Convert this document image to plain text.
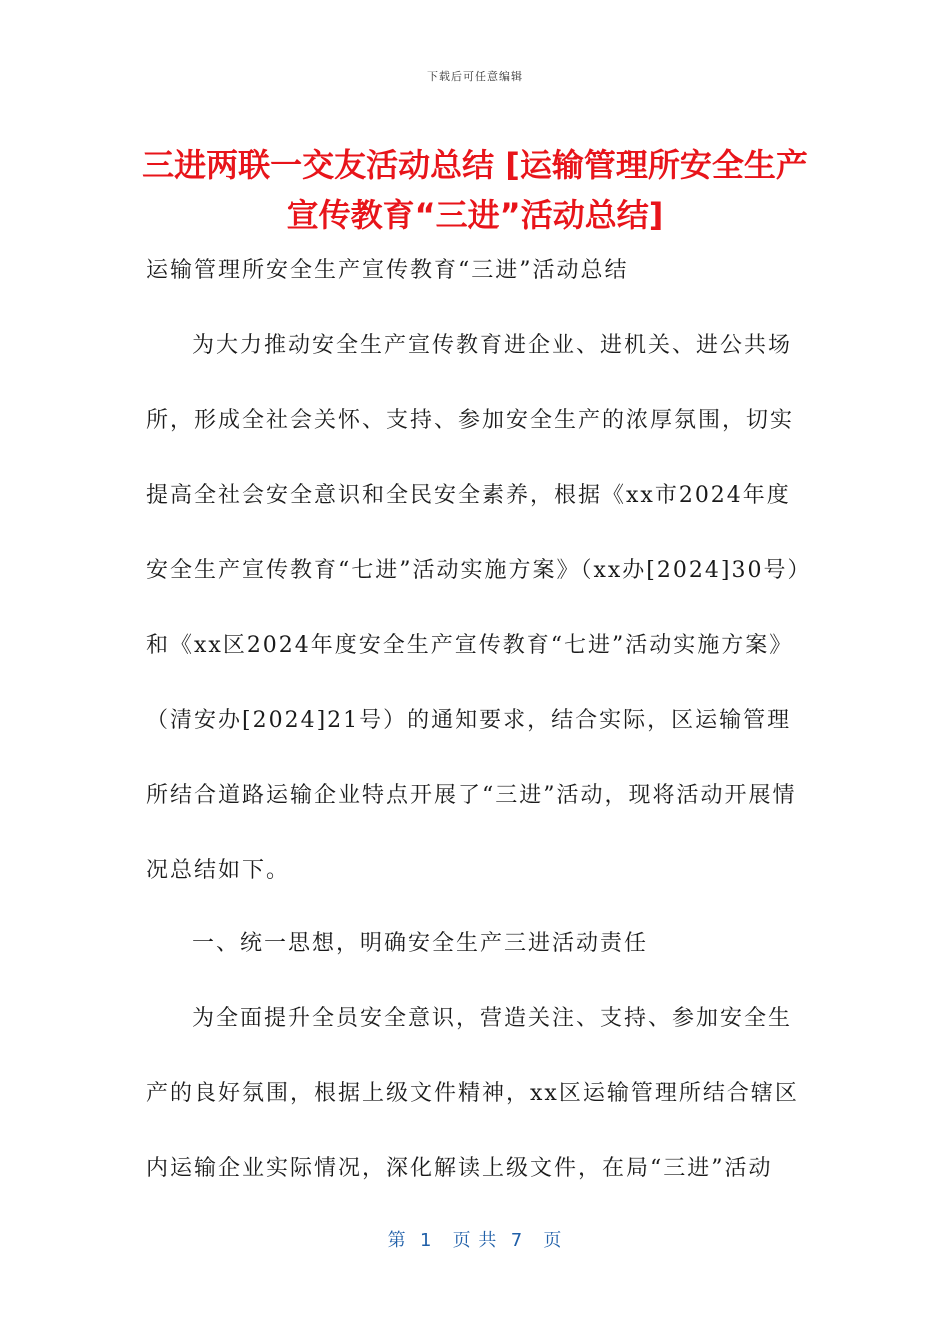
下载后可任意编辑
三进两联一交友活动总结 [运输管理所安全生产宣传教育“三进”活动总结]

运输管理所安全生产宣传教育“三进”活动总结

为大力推动安全生产宣传教育进企业、进机关、进公共场所，形成全社会关怀、支持、参加安全生产的浓厚氛围，切实提高全社会安全意识和全民安全素养，根据《xx市2024年度安全生产宣传教育“七进”活动实施方案》（xx办[2024]30号）和《xx区2024年度安全生产宣传教育“七进”活动实施方案》（清安办[2024]21号）的通知要求，结合实际，区运输管理所结合道路运输企业特点开展了“三进”活动，现将活动开展情况总结如下。

一、统一思想，明确安全生产三进活动责任

为全面提升全员安全意识，营造关注、支持、参加安全生产的良好氛围，根据上级文件精神，xx区运输管理所结合辖区内运输企业实际情况，深化解读上级文件，在局“三进”活动

第  1   页 共  7   页
